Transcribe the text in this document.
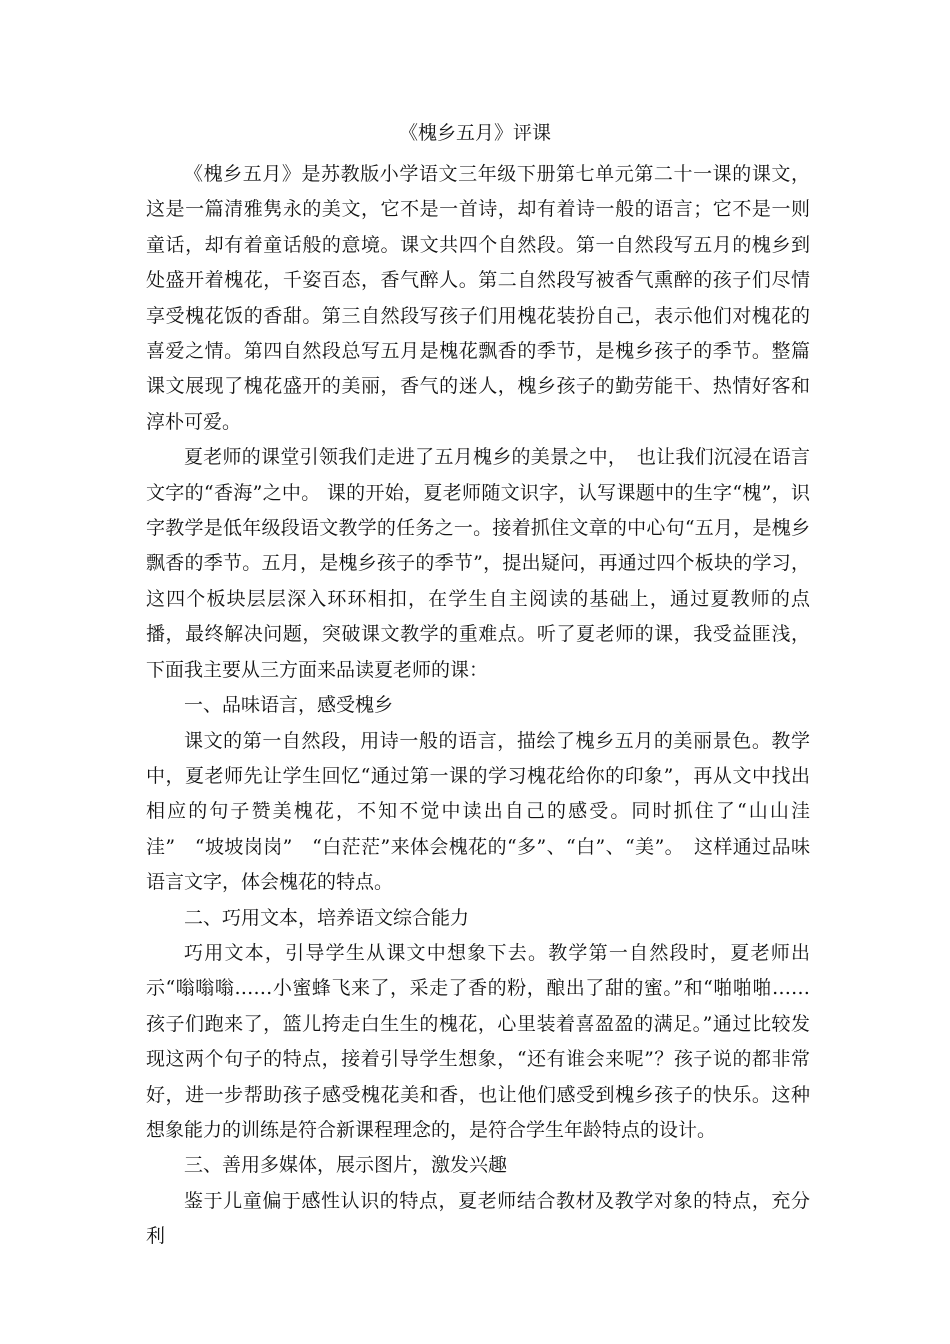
《槐乡五月》评课

《槐乡五月》是苏教版小学语文三年级下册第七单元第二十一课的课文，这是一篇清雅隽永的美文，它不是一首诗，却有着诗一般的语言；它不是一则童话，却有着童话般的意境。课文共四个自然段。第一自然段写五月的槐乡到处盛开着槐花，千姿百态，香气醉人。第二自然段写被香气熏醉的孩子们尽情享受槐花饭的香甜。第三自然段写孩子们用槐花装扮自己，表示他们对槐花的喜爱之情。第四自然段总写五月是槐花飘香的季节，是槐乡孩子的季节。整篇课文展现了槐花盛开的美丽，香气的迷人，槐乡孩子的勤劳能干、热情好客和淳朴可爱。

夏老师的课堂引领我们走进了五月槐乡的美景之中，　也让我们沉浸在语言文字的“香海”之中。 课的开始，夏老师随文识字，认写课题中的生字“槐”，识字教学是低年级段语文教学的任务之一。接着抓住文章的中心句“五月，是槐乡飘香的季节。五月，是槐乡孩子的季节”，提出疑问，再通过四个板块的学习，这四个板块层层深入环环相扣，在学生自主阅读的基础上，通过夏教师的点播，最终解决问题，突破课文教学的重难点。听了夏老师的课，我受益匪浅，下面我主要从三方面来品读夏老师的课：

一、品味语言，感受槐乡

课文的第一自然段，用诗一般的语言，描绘了槐乡五月的美丽景色。教学中，夏老师先让学生回忆“通过第一课的学习槐花给你的印象”，再从文中找出相应的句子赞美槐花，不知不觉中读出自己的感受。同时抓住了“山山洼洼”　“坡坡岗岗”　“白茫茫”来体会槐花的“多”、“白”、“美”。　这样通过品味语言文字，体会槐花的特点。

二、巧用文本，培养语文综合能力

巧用文本，引导学生从课文中想象下去。教学第一自然段时，夏老师出示“嗡嗡嗡……小蜜蜂飞来了，采走了香的粉，酿出了甜的蜜。”和“啪啪啪……孩子们跑来了，篮儿挎走白生生的槐花，心里装着喜盈盈的满足。”通过比较发现这两个句子的特点，接着引导学生想象，“还有谁会来呢”？孩子说的都非常好，进一步帮助孩子感受槐花美和香，也让他们感受到槐乡孩子的快乐。这种想象能力的训练是符合新课程理念的，是符合学生年龄特点的设计。

三、善用多媒体，展示图片，激发兴趣

鉴于儿童偏于感性认识的特点，夏老师结合教材及教学对象的特点，充分利
